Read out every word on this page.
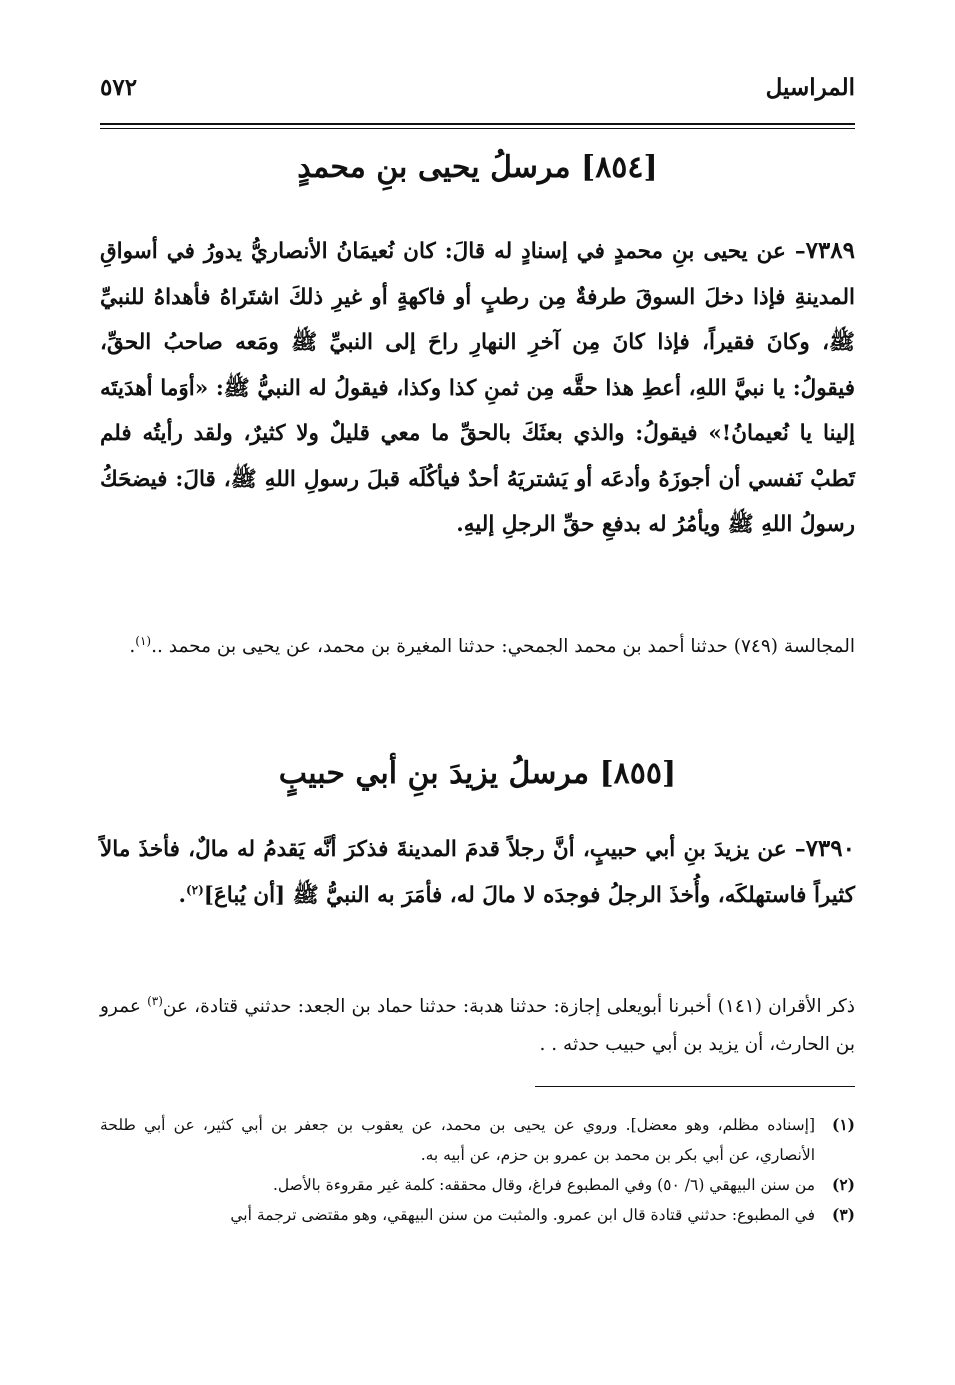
المراسيل
٥٧٢
[٨٥٤] مرسلُ يحيى بنِ محمدٍ
٧٣٨٩– عن يحيى بنِ محمدٍ في إسنادٍ له قالَ: كان نُعيمَانُ الأنصاريُّ يدورُ في أسواقِ المدينةِ فإذا دخلَ السوقَ طرفةٌ مِن رطبٍ أو فاكهةٍ أو غيرِ ذلكَ اشتَراهُ فأهداهُ للنبيِّ ﷺ، وكانَ فقيراً، فإذا كانَ مِن آخرِ النهارِ راحَ إلى النبيِّ ﷺ ومَعه صاحبُ الحقِّ، فيقولُ: يا نبيَّ اللهِ، أعطِ هذا حقَّه مِن ثمنِ كذا وكذا، فيقولُ له النبيُّ ﷺ: «أوَما أهدَيتَه إلينا يا نُعيمانُ!» فيقولُ: والذي بعثَكَ بالحقِّ ما معي قليلٌ ولا كثيرٌ، ولقد رأيتُه فلم تَطبْ نَفسي أن أجوزَهُ وأدعَه أو يَشتريَهُ أحدٌ فيأكُلَه قبلَ رسولِ اللهِ ﷺ، قالَ: فيضحَكُ رسولُ اللهِ ﷺ ويأمُرُ له بدفعِ حقِّ الرجلِ إليهِ.
المجالسة (٧٤٩) حدثنا أحمد بن محمد الجمحي: حدثنا المغيرة بن محمد، عن يحيى بن محمد ..$^{(١)}$.
[٨٥٥] مرسلُ يزيدَ بنِ أبي حبيبٍ
٧٣٩٠– عن يزيدَ بنِ أبي حبيبٍ، أنَّ رجلاً قدمَ المدينةَ فذكرَ أنَّه يَقدمُ له مالٌ، فأخذَ مالاً كثيراً فاستهلكَه، وأُخذَ الرجلُ فوجدَه لا مالَ له، فأمَرَ به النبيُّ ﷺ [أن يُباعَ]$^{(٢)}$.
ذكر الأقران (١٤١) أخبرنا أبويعلى إجازة: حدثنا هدبة: حدثنا حماد بن الجعد: حدثني قتادة، عن$^{(٣)}$ عمرو بن الحارث، أن يزيد بن أبي حبيب حدثه . .
(١)
[إسناده مظلم، وهو معضل]. وروي عن يحيى بن محمد، عن يعقوب بن جعفر بن أبي كثير، عن أبي طلحة الأنصاري، عن أبي بكر بن محمد بن عمرو بن حزم، عن أبيه به.
(٢)
من سنن البيهقي (٦/ ٥٠) وفي المطبوع فراغ، وقال محققه: كلمة غير مقروءة بالأصل.
(٣)
في المطبوع: حدثني قتادة قال ابن عمرو. والمثبت من سنن البيهقي، وهو مقتضى ترجمة أبي
